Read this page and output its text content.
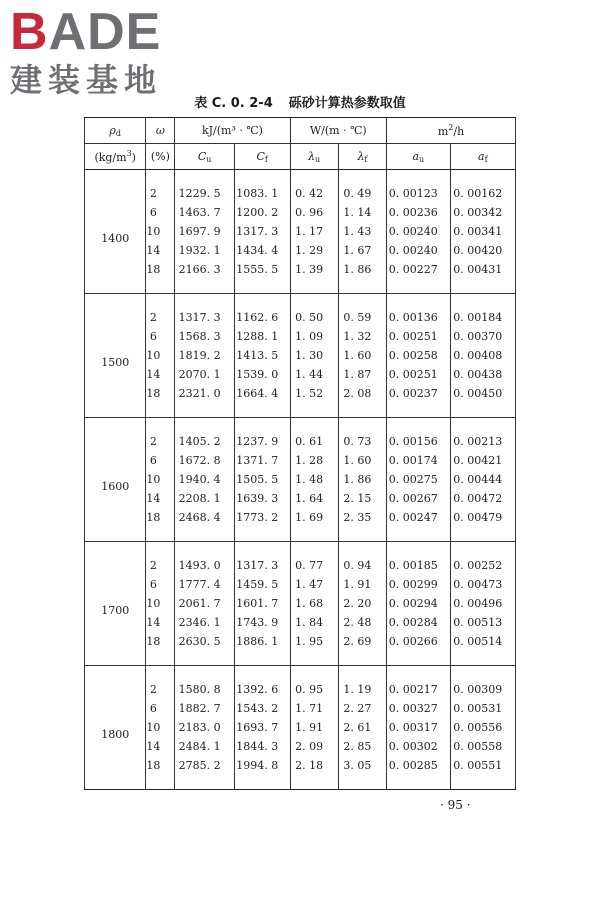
BADE
建装基地
表 C. 0. 2-4 砾砂计算热参数取值
$\rho_d$	ω	kJ/(m³ · ℃)		W/(m · ℃)		$m^2/h$	
$(kg/m^3)$	(%)	$C_u$	$C_f$	$\lambda_u$	$\lambda_f$	$a_u$	$a_f$
1400	2	1229. 5	1083. 1	0. 42	0. 49	0. 00123	0. 00162
	6	1463. 7	1200. 2	0. 96	1. 14	0. 00236	0. 00342
	10	1697. 9	1317. 3	1. 17	1. 43	0. 00240	0. 00341
	14	1932. 1	1434. 4	1. 29	1. 67	0. 00240	0. 00420
	18	2166. 3	1555. 5	1. 39	1. 86	0. 00227	0. 00431
1500	2	1317. 3	1162. 6	0. 50	0. 59	0. 00136	0. 00184
	6	1568. 3	1288. 1	1. 09	1. 32	0. 00251	0. 00370
	10	1819. 2	1413. 5	1. 30	1. 60	0. 00258	0. 00408
	14	2070. 1	1539. 0	1. 44	1. 87	0. 00251	0. 00438
	18	2321. 0	1664. 4	1. 52	2. 08	0. 00237	0. 00450
1600	2	1405. 2	1237. 9	0. 61	0. 73	0. 00156	0. 00213
	6	1672. 8	1371. 7	1. 28	1. 60	0. 00174	0. 00421
	10	1940. 4	1505. 5	1. 48	1. 86	0. 00275	0. 00444
	14	2208. 1	1639. 3	1. 64	2. 15	0. 00267	0. 00472
	18	2468. 4	1773. 2	1. 69	2. 35	0. 00247	0. 00479
1700	2	1493. 0	1317. 3	0. 77	0. 94	0. 00185	0. 00252
	6	1777. 4	1459. 5	1. 47	1. 91	0. 00299	0. 00473
	10	2061. 7	1601. 7	1. 68	2. 20	0. 00294	0. 00496
	14	2346. 1	1743. 9	1. 84	2. 48	0. 00284	0. 00513
	18	2630. 5	1886. 1	1. 95	2. 69	0. 00266	0. 00514
1800	2	1580. 8	1392. 6	0. 95	1. 19	0. 00217	0. 00309
	6	1882. 7	1543. 2	1. 71	2. 27	0. 00327	0. 00531
	10	2183. 0	1693. 7	1. 91	2. 61	0. 00317	0. 00556
	14	2484. 1	1844. 3	2. 09	2. 85	0. 00302	0. 00558
	18	2785. 2	1994. 8	2. 18	3. 05	0. 00285	0. 00551
· 95 ·
